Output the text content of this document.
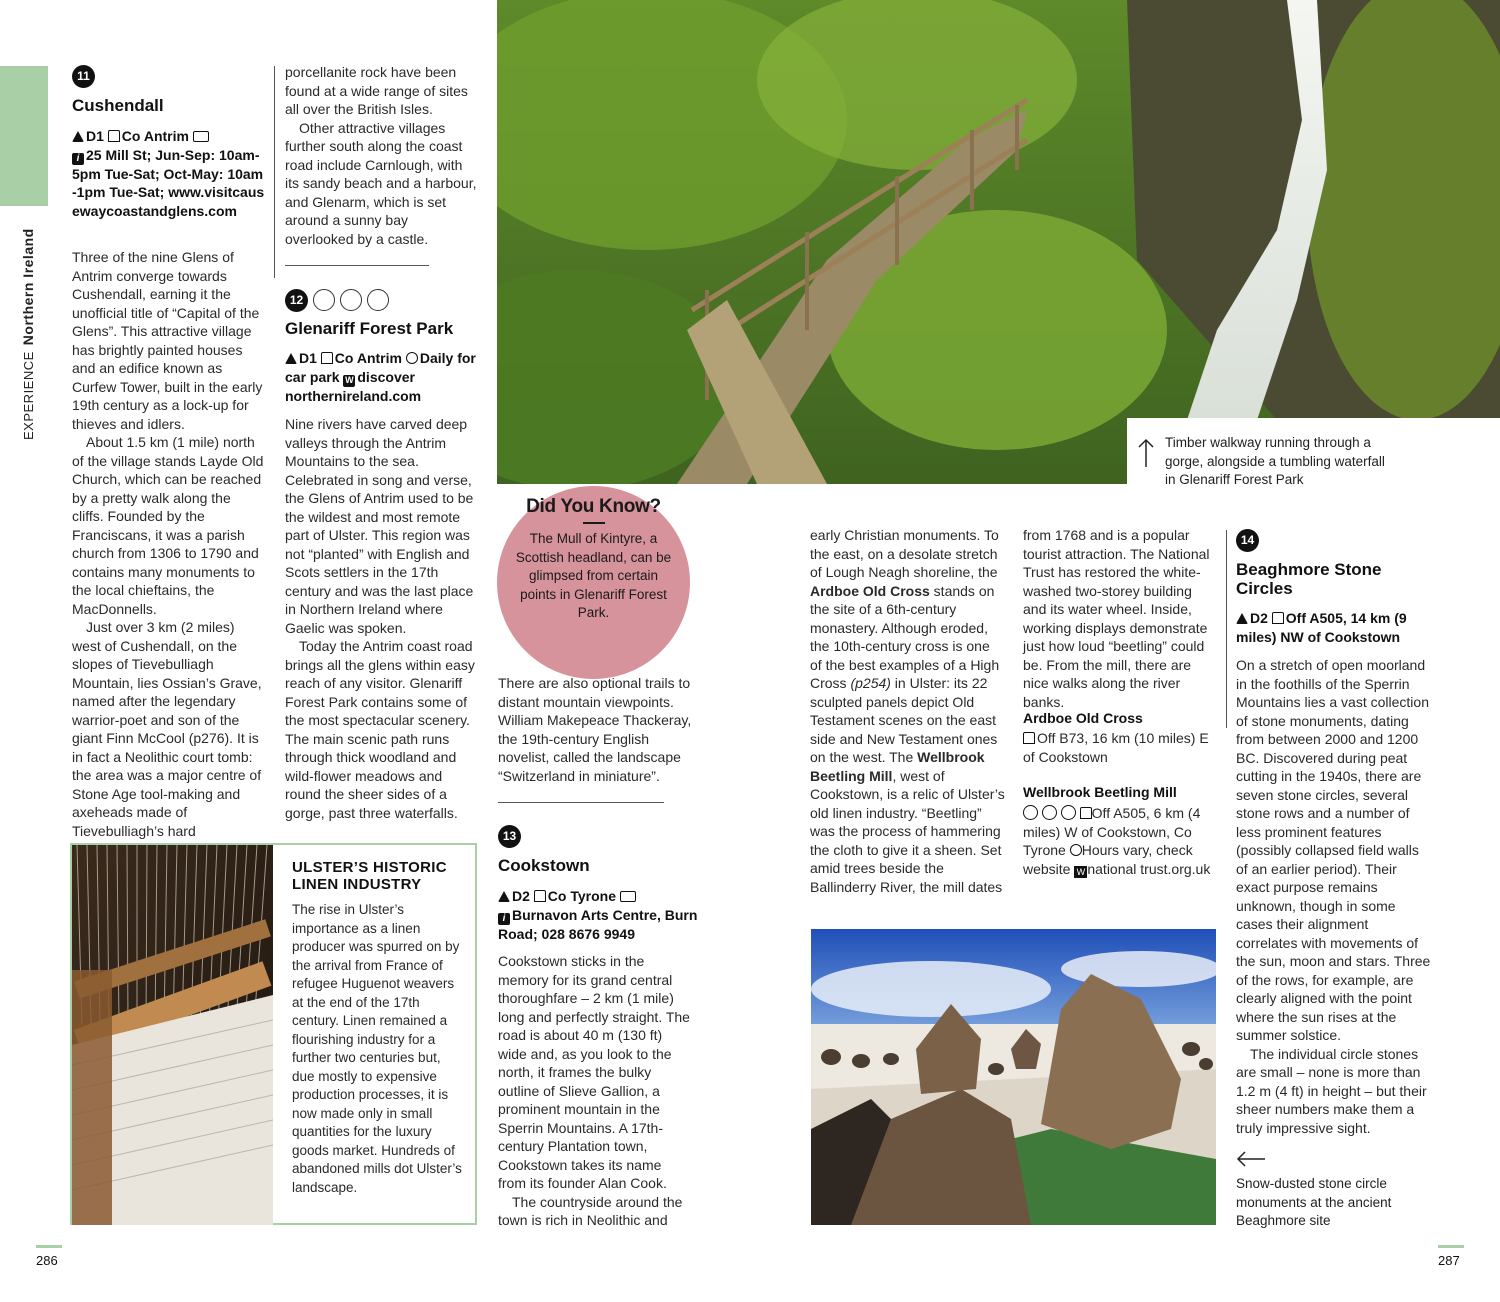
EXPERIENCENorthern Ireland
11
Cushendall
D1 Co Antrim
i 25 Mill St; Jun-Sep: 10am-5pm Tue-Sat; Oct-May: 10am-1pm Tue-Sat; www.visitcausewaycoastandglens.com

Three of the nine Glens of Antrim converge towards Cushendall, earning it the unofficial title of “Capital of the Glens”. This attractive village has brightly painted houses and an edifice known as Curfew Tower, built in the early 19th century as a lock-up for thieves and idlers.

About 1.5 km (1 mile) north of the village stands Layde Old Church, which can be reached by a pretty walk along the cliffs. Founded by the Franciscans, it was a parish church from 1306 to 1790 and contains many monuments to the local chieftains, the MacDonnells.

Just over 3 km (2 miles) west of Cushendall, on the slopes of Tievebulliagh Mountain, lies Ossian’s Grave, named after the legendary warrior-poet and son of the giant Finn McCool (p276). It is in fact a Neolithic court tomb: the area was a major centre of Stone Age tool-making and axeheads made of Tievebulliagh’s hard

porcellanite rock have been found at a wide range of sites all over the British Isles.

Other attractive villages further south along the coast road include Carnlough, with its sandy beach and a harbour, and Glenarm, which is set around a sunny bay overlooked by a castle.

12
Glenariff Forest Park
D1 Co Antrim Daily for car park W discover northernireland.com

Nine rivers have carved deep valleys through the Antrim Mountains to the sea. Celebrated in song and verse, the Glens of Antrim used to be the wildest and most remote part of Ulster. This region was not “planted” with English and Scots settlers in the 17th century and was the last place in Northern Ireland where Gaelic was spoken.

Today the Antrim coast road brings all the glens within easy reach of any visitor. Glenariff Forest Park contains some of the most spectacular scenery. The main scenic path runs through thick woodland and wild-flower meadows and round the sheer sides of a gorge, past three waterfalls.

ULSTER’S HISTORIC LINEN INDUSTRY
The rise in Ulster’s importance as a linen producer was spurred on by the arrival from France of refugee Huguenot weavers at the end of the 17th century. Linen remained a flourishing industry for a further two centuries but, due mostly to expensive production processes, it is now made only in small quantities for the luxury goods market. Hundreds of abandoned mills dot Ulster’s landscape.
Timber walkway running through a gorge, alongside a tumbling waterfall in Glenariff Forest Park
Did You Know?
The Mull of Kintyre, a Scottish headland, can be glimpsed from certain points in Glenariff Forest Park.
There are also optional trails to distant mountain viewpoints. William Makepeace Thackeray, the 19th-century English novelist, called the landscape “Switzerland in miniature”.
13
Cookstown
D2 Co Tyrone
i Burnavon Arts Centre, Burn Road; 028 8676 9949

Cookstown sticks in the memory for its grand central thoroughfare – 2 km (1 mile) long and perfectly straight. The road is about 40 m (130 ft) wide and, as you look to the north, it frames the bulky outline of Slieve Gallion, a prominent mountain in the Sperrin Mountains. A 17th-century Plantation town, Cookstown takes its name from its founder Alan Cook.

The countryside around the town is rich in Neolithic and

early Christian monuments. To the east, on a desolate stretch of Lough Neagh shoreline, the Ardboe Old Cross stands on the site of a 6th-century monastery. Although eroded, the 10th-century cross is one of the best examples of a High Cross (p254) in Ulster: its 22 sculpted panels depict Old Testament scenes on the east side and New Testament ones on the west. The Wellbrook Beetling Mill, west of Cookstown, is a relic of Ulster’s old linen industry. “Beetling” was the process of hammering the cloth to give it a sheen. Set amid trees beside the Ballinderry River, the mill dates
from 1768 and is a popular tourist attraction. The National Trust has restored the white-washed two-storey building and its water wheel. Inside, working displays demonstrate just how loud “beetling” could be. From the mill, there are nice walks along the river banks.
Ardboe Old Cross
Off B73, 16 km (10 miles) E of Cookstown
Wellbrook Beetling Mill
Off A505, 6 km (4 miles) W of Cookstown, Co Tyrone Hours vary, check website W national trust.org.uk
14
Beaghmore Stone Circles
D2 Off A505, 14 km (9 miles) NW of Cookstown

On a stretch of open moorland in the foothills of the Sperrin Mountains lies a vast collection of stone monuments, dating from between 2000 and 1200 BC. Discovered during peat cutting in the 1940s, there are seven stone circles, several stone rows and a number of less prominent features (possibly collapsed field walls of an earlier period). Their exact purpose remains unknown, though in some cases their alignment correlates with movements of the sun, moon and stars. Three of the rows, for example, are clearly aligned with the point where the sun rises at the summer solstice.

The individual circle stones are small – none is more than 1.2 m (4 ft) in height – but their sheer numbers make them a truly impressive sight.

Snow-dusted stone circle monuments at the ancient Beaghmore site
286	287
